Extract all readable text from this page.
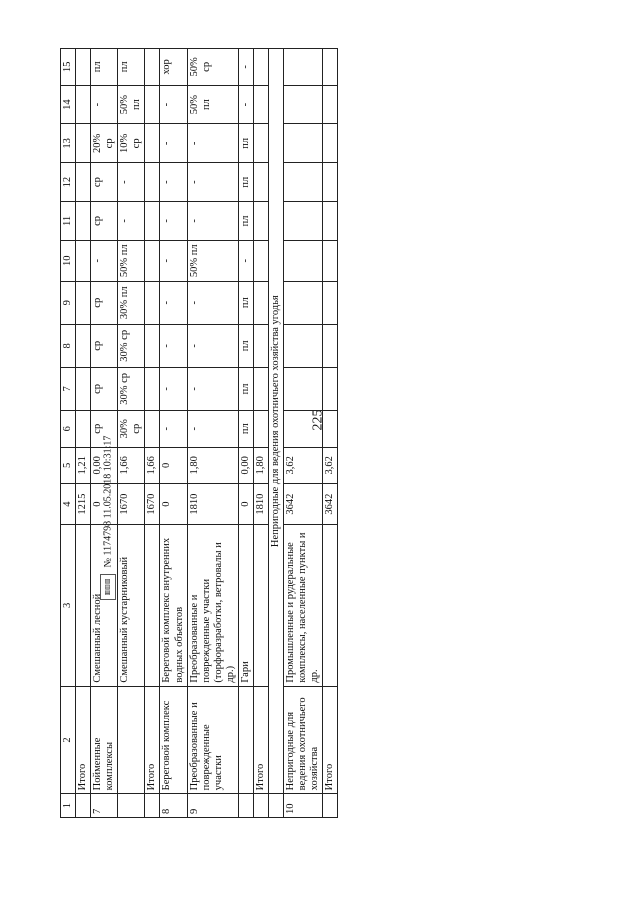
225
▥▥▥ № 1174798 11.05.2018 10:31:17
1	2	3	4	5	6	7	8	9	10	11	12	13	14	15
	Итого		1215	1,21										
7	Пойменные комплексы	Смешанный лесной	0	0,00	ср	ср	ср	ср	-	ср	ср	20% ср	-	пл
		Смешанный кустарниковый	1670	1,66	30% ср	30% ср	30% ср	30% пл	50% пл	-	-	10% ср	50% пл	пл
	Итого		1670	1,66										
8	Береговой комплекс	Береговой комплекс внутренних водных объектов	0	0	-	-	-	-	-	-	-	-	-	хор
9	Преобразованные и поврежденные участки	Преобразованные и поврежденные участки (торфоразработки, ветровалы и др.)	1810	1,80	-	-	-	-	50% пл	-	-	-	50% пл	50% ср
		Гари	0	0,00	пл	пл	пл	пл	-	пл	пл	пл	-	-
	Итого		1810	1,80										
	Непригодные для ведения охотничьего хозяйства угодья													
10	Непригодные для ведения охотничьего хозяйства	Промышленные и рудеральные комплексы, населенные пункты и др.	3642	3,62										
	Итого		3642	3,62										
